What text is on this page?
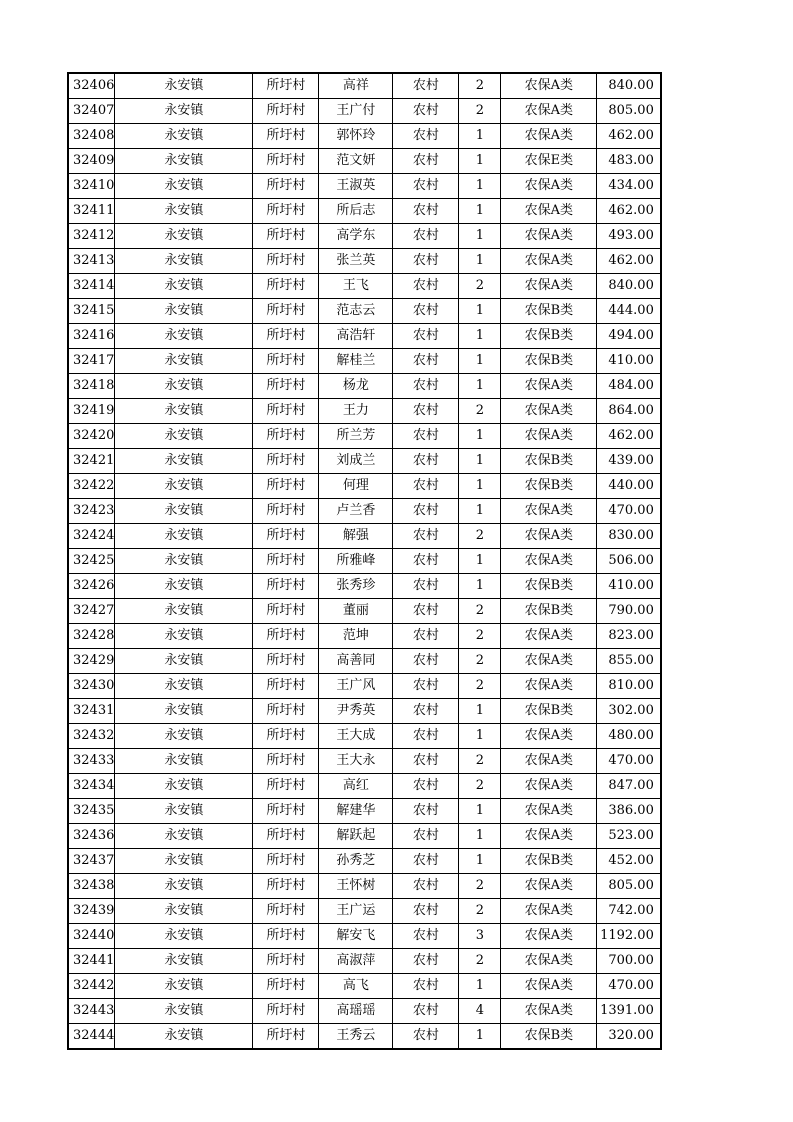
32406	永安镇	所圩村	高祥	农村	2	农保A类	840.00
32407	永安镇	所圩村	王广付	农村	2	农保A类	805.00
32408	永安镇	所圩村	郭怀玲	农村	1	农保A类	462.00
32409	永安镇	所圩村	范文妍	农村	1	农保E类	483.00
32410	永安镇	所圩村	王淑英	农村	1	农保A类	434.00
32411	永安镇	所圩村	所后志	农村	1	农保A类	462.00
32412	永安镇	所圩村	高学东	农村	1	农保A类	493.00
32413	永安镇	所圩村	张兰英	农村	1	农保A类	462.00
32414	永安镇	所圩村	王飞	农村	2	农保A类	840.00
32415	永安镇	所圩村	范志云	农村	1	农保B类	444.00
32416	永安镇	所圩村	高浩轩	农村	1	农保B类	494.00
32417	永安镇	所圩村	解桂兰	农村	1	农保B类	410.00
32418	永安镇	所圩村	杨龙	农村	1	农保A类	484.00
32419	永安镇	所圩村	王力	农村	2	农保A类	864.00
32420	永安镇	所圩村	所兰芳	农村	1	农保A类	462.00
32421	永安镇	所圩村	刘成兰	农村	1	农保B类	439.00
32422	永安镇	所圩村	何理	农村	1	农保B类	440.00
32423	永安镇	所圩村	卢兰香	农村	1	农保A类	470.00
32424	永安镇	所圩村	解强	农村	2	农保A类	830.00
32425	永安镇	所圩村	所雅峰	农村	1	农保A类	506.00
32426	永安镇	所圩村	张秀珍	农村	1	农保B类	410.00
32427	永安镇	所圩村	董丽	农村	2	农保B类	790.00
32428	永安镇	所圩村	范坤	农村	2	农保A类	823.00
32429	永安镇	所圩村	高善同	农村	2	农保A类	855.00
32430	永安镇	所圩村	王广风	农村	2	农保A类	810.00
32431	永安镇	所圩村	尹秀英	农村	1	农保B类	302.00
32432	永安镇	所圩村	王大成	农村	1	农保A类	480.00
32433	永安镇	所圩村	王大永	农村	2	农保A类	470.00
32434	永安镇	所圩村	高红	农村	2	农保A类	847.00
32435	永安镇	所圩村	解建华	农村	1	农保A类	386.00
32436	永安镇	所圩村	解跃起	农村	1	农保A类	523.00
32437	永安镇	所圩村	孙秀芝	农村	1	农保B类	452.00
32438	永安镇	所圩村	王怀树	农村	2	农保A类	805.00
32439	永安镇	所圩村	王广运	农村	2	农保A类	742.00
32440	永安镇	所圩村	解安飞	农村	3	农保A类	1192.00
32441	永安镇	所圩村	高淑萍	农村	2	农保A类	700.00
32442	永安镇	所圩村	高飞	农村	1	农保A类	470.00
32443	永安镇	所圩村	高瑶瑶	农村	4	农保A类	1391.00
32444	永安镇	所圩村	王秀云	农村	1	农保B类	320.00
